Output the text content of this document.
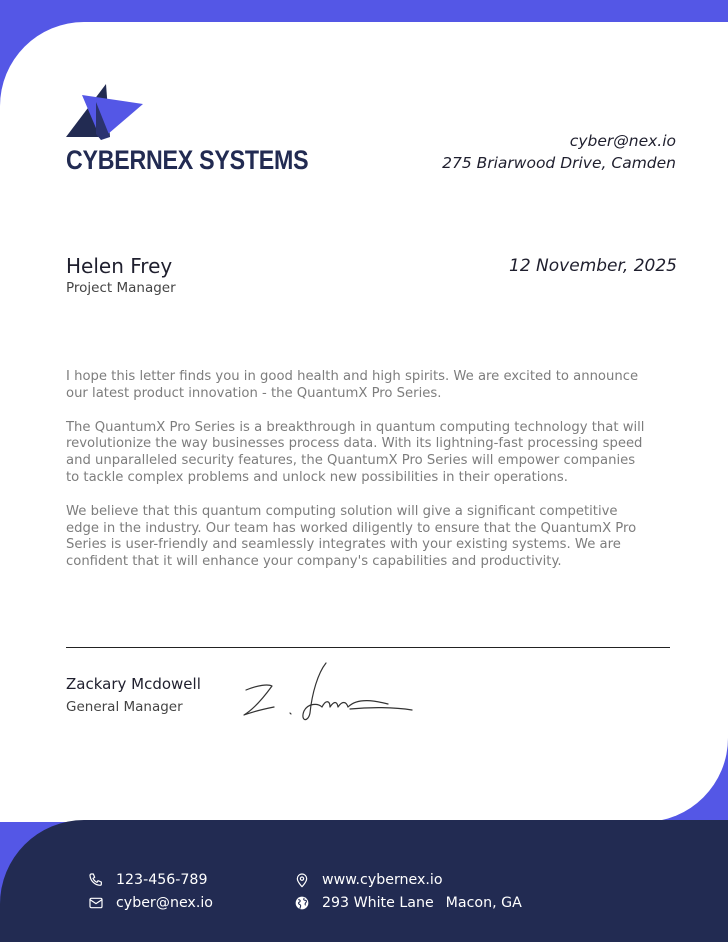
CYBERNEX SYSTEMS
cyber@nex.io
275 Briarwood Drive, Camden
Helen Frey
Project Manager
12 November, 2025

I hope this letter finds you in good health and high spirits. We are excited to announce our latest product innovation - the QuantumX Pro Series.

The QuantumX Pro Series is a breakthrough in quantum computing technology that will revolutionize the way businesses process data. With its lightning-fast processing speed and unparalleled security features, the QuantumX Pro Series will empower companies to tackle complex problems and unlock new possibilities in their operations.

We believe that this quantum computing solution will give a significant competitive edge in the industry. Our team has worked diligently to ensure that the QuantumX Pro Series is user-friendly and seamlessly integrates with your existing systems. We are confident that it will enhance your company's capabilities and productivity.

Zackary Mcdowell
General Manager
123-456-789
cyber@nex.io
www.cybernex.io
293 White Lane Macon, GA
